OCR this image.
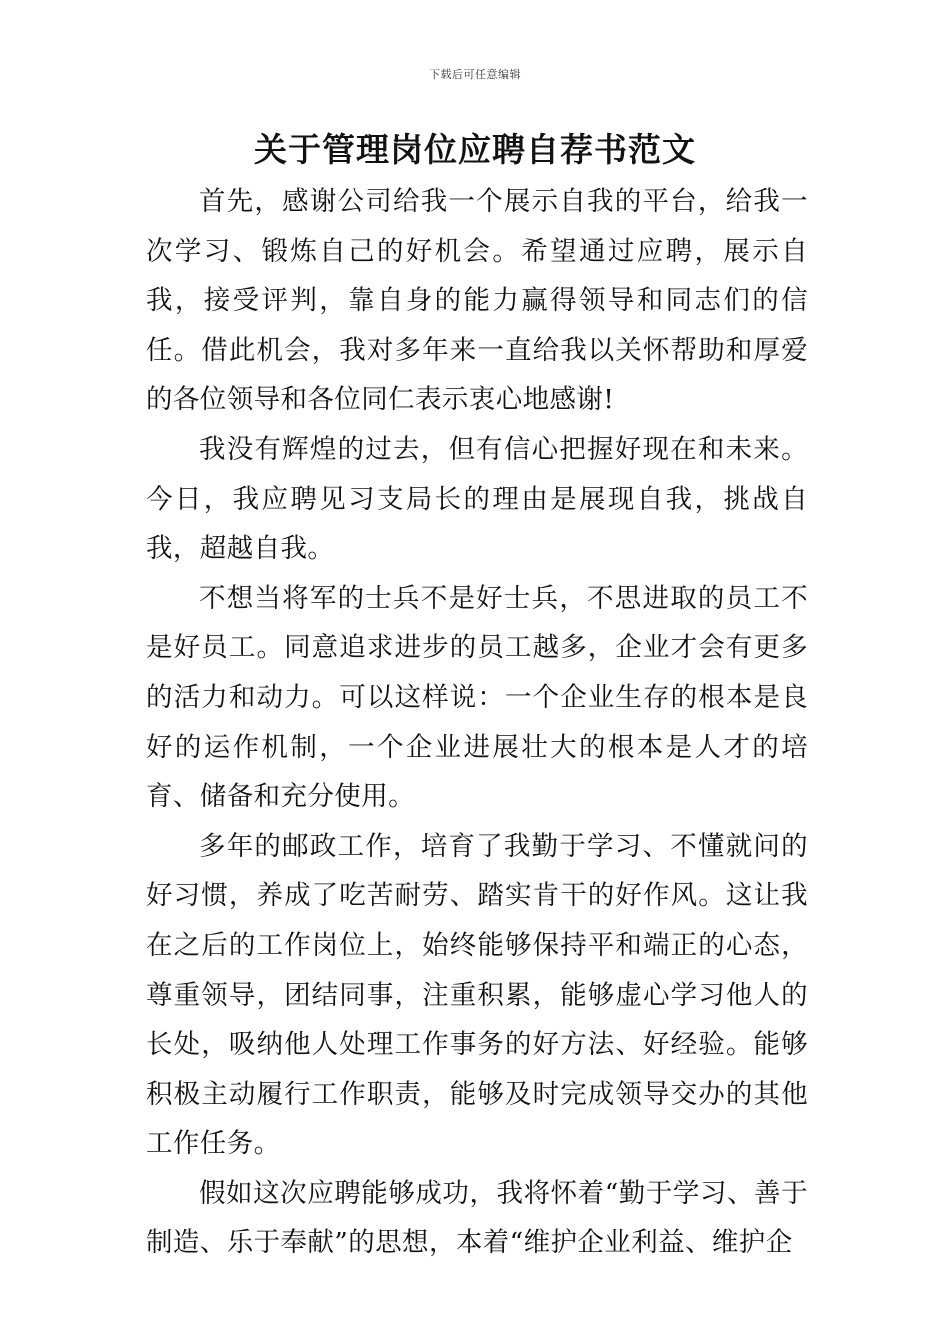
下载后可任意编辑
关于管理岗位应聘自荐书范文

首先，感谢公司给我一个展示自我的平台，给我一次学习、锻炼自己的好机会。希望通过应聘，展示自我，接受评判，靠自身的能力赢得领导和同志们的信任。借此机会，我对多年来一直给我以关怀帮助和厚爱的各位领导和各位同仁表示衷心地感谢!

我没有辉煌的过去，但有信心把握好现在和未来。今日，我应聘见习支局长的理由是展现自我，挑战自我，超越自我。

不想当将军的士兵不是好士兵，不思进取的员工不是好员工。同意追求进步的员工越多，企业才会有更多的活力和动力。可以这样说：一个企业生存的根本是良好的运作机制，一个企业进展壮大的根本是人才的培育、储备和充分使用。

多年的邮政工作，培育了我勤于学习、不懂就问的好习惯，养成了吃苦耐劳、踏实肯干的好作风。这让我在之后的工作岗位上，始终能够保持平和端正的心态，尊重领导，团结同事，注重积累，能够虚心学习他人的长处，吸纳他人处理工作事务的好方法、好经验。能够积极主动履行工作职责，能够及时完成领导交办的其他工作任务。

假如这次应聘能够成功，我将怀着“勤于学习、善于制造、乐于奉献”的思想，本着“维护企业利益、维护企
